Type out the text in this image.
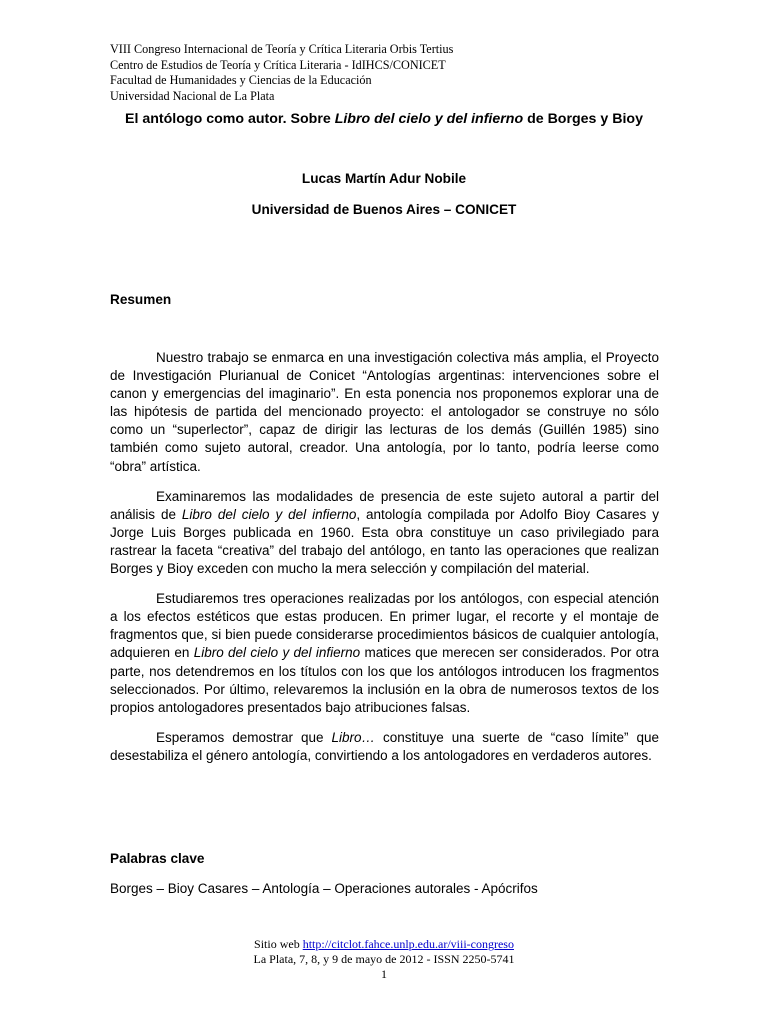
VIII Congreso Internacional de Teoría y Crítica Literaria Orbis Tertius
Centro de Estudios de Teoría y Crítica Literaria - IdIHCS/CONICET
Facultad de Humanidades y Ciencias de la Educación
Universidad Nacional de La Plata
El antólogo como autor. Sobre Libro del cielo y del infierno de Borges y Bioy
Lucas Martín Adur Nobile
Universidad de Buenos Aires – CONICET
Resumen

Nuestro trabajo se enmarca en una investigación colectiva más amplia, el Proyecto de Investigación Plurianual de Conicet “Antologías argentinas: intervenciones sobre el canon y emergencias del imaginario”. En esta ponencia nos proponemos explorar una de las hipótesis de partida del mencionado proyecto: el antologador se construye no sólo como un “superlector”, capaz de dirigir las lecturas de los demás (Guillén 1985) sino también como sujeto autoral, creador. Una antología, por lo tanto, podría leerse como “obra” artística.

Examinaremos las modalidades de presencia de este sujeto autoral a partir del análisis de Libro del cielo y del infierno, antología compilada por Adolfo Bioy Casares y Jorge Luis Borges publicada en 1960. Esta obra constituye un caso privilegiado para rastrear la faceta “creativa” del trabajo del antólogo, en tanto las operaciones que realizan Borges y Bioy exceden con mucho la mera selección y compilación del material.

Estudiaremos tres operaciones realizadas por los antólogos, con especial atención a los efectos estéticos que estas producen. En primer lugar, el recorte y el montaje de fragmentos que, si bien puede considerarse procedimientos básicos de cualquier antología, adquieren en Libro del cielo y del infierno matices que merecen ser considerados. Por otra parte, nos detendremos en los títulos con los que los antólogos introducen los fragmentos seleccionados. Por último, relevaremos la inclusión en la obra de numerosos textos de los propios antologadores presentados bajo atribuciones falsas.

Esperamos demostrar que Libro… constituye una suerte de “caso límite” que desestabiliza el género antología, convirtiendo a los antologadores en verdaderos autores.

Palabras clave
Borges – Bioy Casares – Antología – Operaciones autorales - Apócrifos
Sitio web http://citclot.fahce.unlp.edu.ar/viii-congreso
La Plata, 7, 8, y 9 de mayo de 2012 - ISSN 2250-5741
1
